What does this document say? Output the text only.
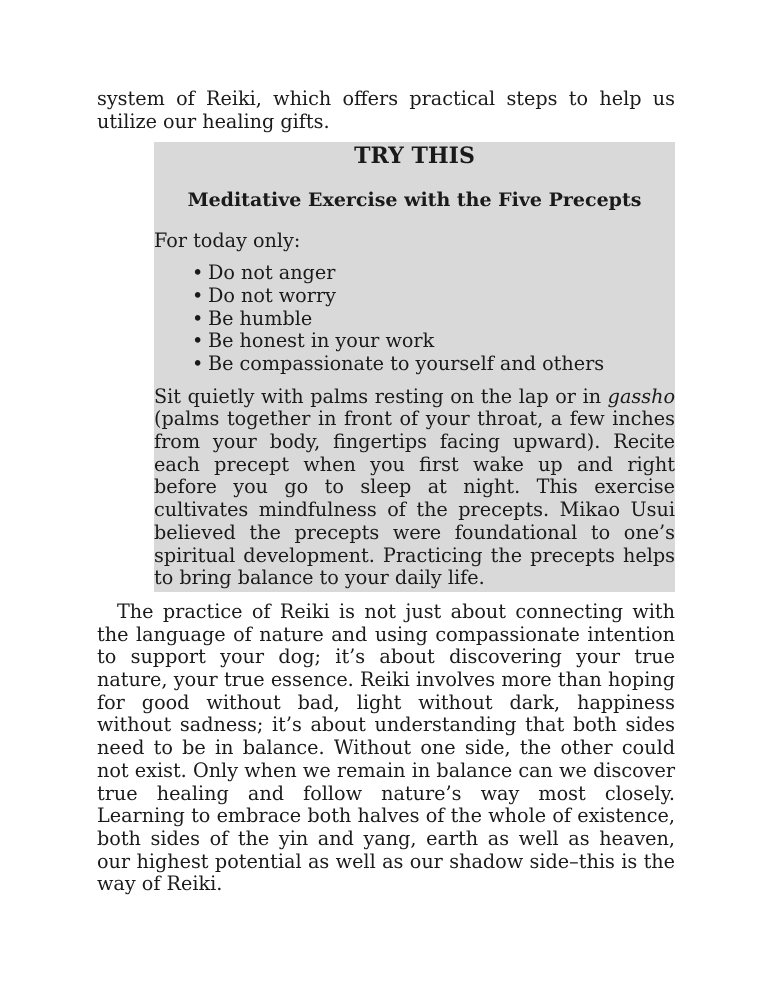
system of Reiki, which offers practical steps to help us utilize our healing gifts.

TRY THIS
Meditative Exercise with the Five Precepts

For today only:

• Do not anger
• Do not worry
• Be humble
• Be honest in your work
• Be compassionate to yourself and others

Sit quietly with palms resting on the lap or in gassho (palms together in front of your throat, a few inches from your body, fingertips facing upward). Recite each precept when you first wake up and right before you go to sleep at night. This exercise cultivates mindfulness of the precepts. Mikao Usui believed the precepts were foundational to one’s spiritual development. Practicing the precepts helps to bring balance to your daily life.

The practice of Reiki is not just about connecting with the language of nature and using compassionate intention to support your dog; it’s about discovering your true nature, your true essence. Reiki involves more than hoping for good without bad, light without dark, happiness without sadness; it’s about understanding that both sides need to be in balance. Without one side, the other could not exist. Only when we remain in balance can we discover true healing and follow nature’s way most closely. Learning to embrace both halves of the whole of existence, both sides of the yin and yang, earth as well as heaven, our highest potential as well as our shadow side–this is the way of Reiki.
